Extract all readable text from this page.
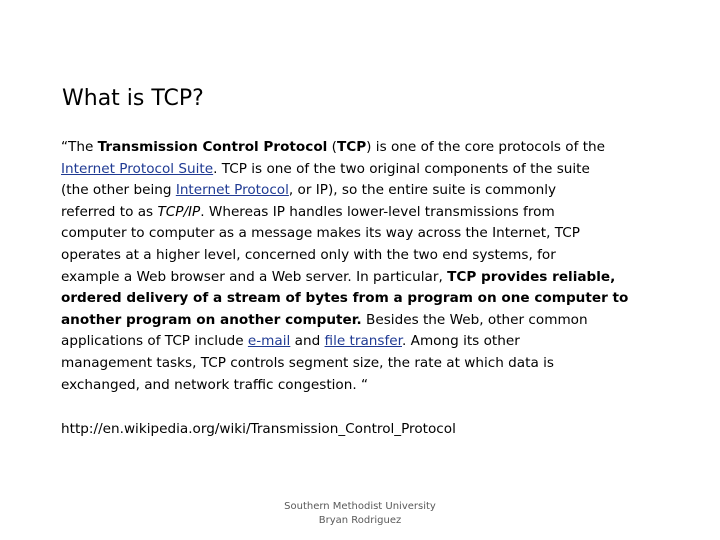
What is TCP?
“The Transmission Control Protocol (TCP) is one of the core protocols of the
Internet Protocol Suite. TCP is one of the two original components of the suite
(the other being Internet Protocol, or IP), so the entire suite is commonly
referred to as TCP/IP. Whereas IP handles lower-level transmissions from
computer to computer as a message makes its way across the Internet, TCP
operates at a higher level, concerned only with the two end systems, for
example a Web browser and a Web server. In particular, TCP provides reliable,
ordered delivery of a stream of bytes from a program on one computer to
another program on another computer. Besides the Web, other common
applications of TCP include e-mail and file transfer. Among its other
management tasks, TCP controls segment size, the rate at which data is
exchanged, and network traffic congestion. “

http://en.wikipedia.org/wiki/Transmission_Control_Protocol

Southern Methodist University
Bryan Rodriguez
